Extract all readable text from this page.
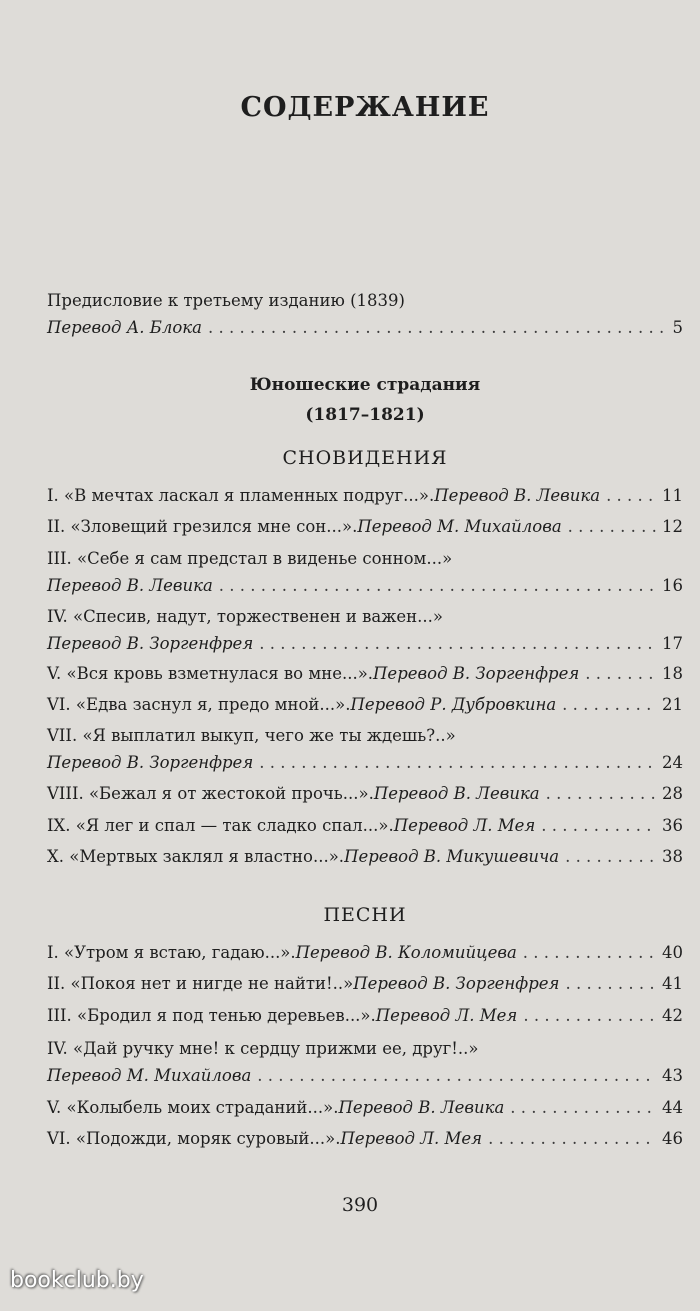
СОДЕРЖАНИЕ
Предисловие к третьему изданию (1839)
Перевод А. Блока . . .	5
Юношеские страдания
(1817–1821)
СНОВИДЕНИЯ
I. «В мечтах ласкал я пламенных подруг...». Перевод В. Левика . . .	11
II. «Зловещий грезился мне сон...». Перевод М. Михайлова . . .	12
III. «Себе я сам предстал в виденье сонном...»
Перевод В. Левика . . .	16
IV. «Спесив, надут, торжественен и важен...»
Перевод В. Зоргенфрея . . .	17
V. «Вся кровь взметнулася во мне...». Перевод В. Зоргенфрея . . .	18
VI. «Едва заснул я, предо мной...». Перевод Р. Дубровкина . . .	21
VII. «Я выплатил выкуп, чего же ты ждешь?..»
Перевод В. Зоргенфрея . . .	24
VIII. «Бежал я от жестокой прочь...». Перевод В. Левика . . .	28
IX. «Я лег и спал — так сладко спал...». Перевод Л. Мея . . .	36
X. «Мертвых заклял я властно...». Перевод В. Микушевича . . .	38
ПЕСНИ
I. «Утром я встаю, гадаю...». Перевод В. Коломийцева . . .	40
II. «Покоя нет и нигде не найти!..» Перевод В. Зоргенфрея . . .	41
III. «Бродил я под тенью деревьев...». Перевод Л. Мея . . .	42
IV. «Дай ручку мне! к сердцу прижми ее, друг!..»
Перевод М. Михайлова . . .	43
V. «Колыбель моих страданий...». Перевод В. Левика . . .	44
VI. «Подожди, моряк суровый...». Перевод Л. Мея . . .	46
390
bookclub.by
